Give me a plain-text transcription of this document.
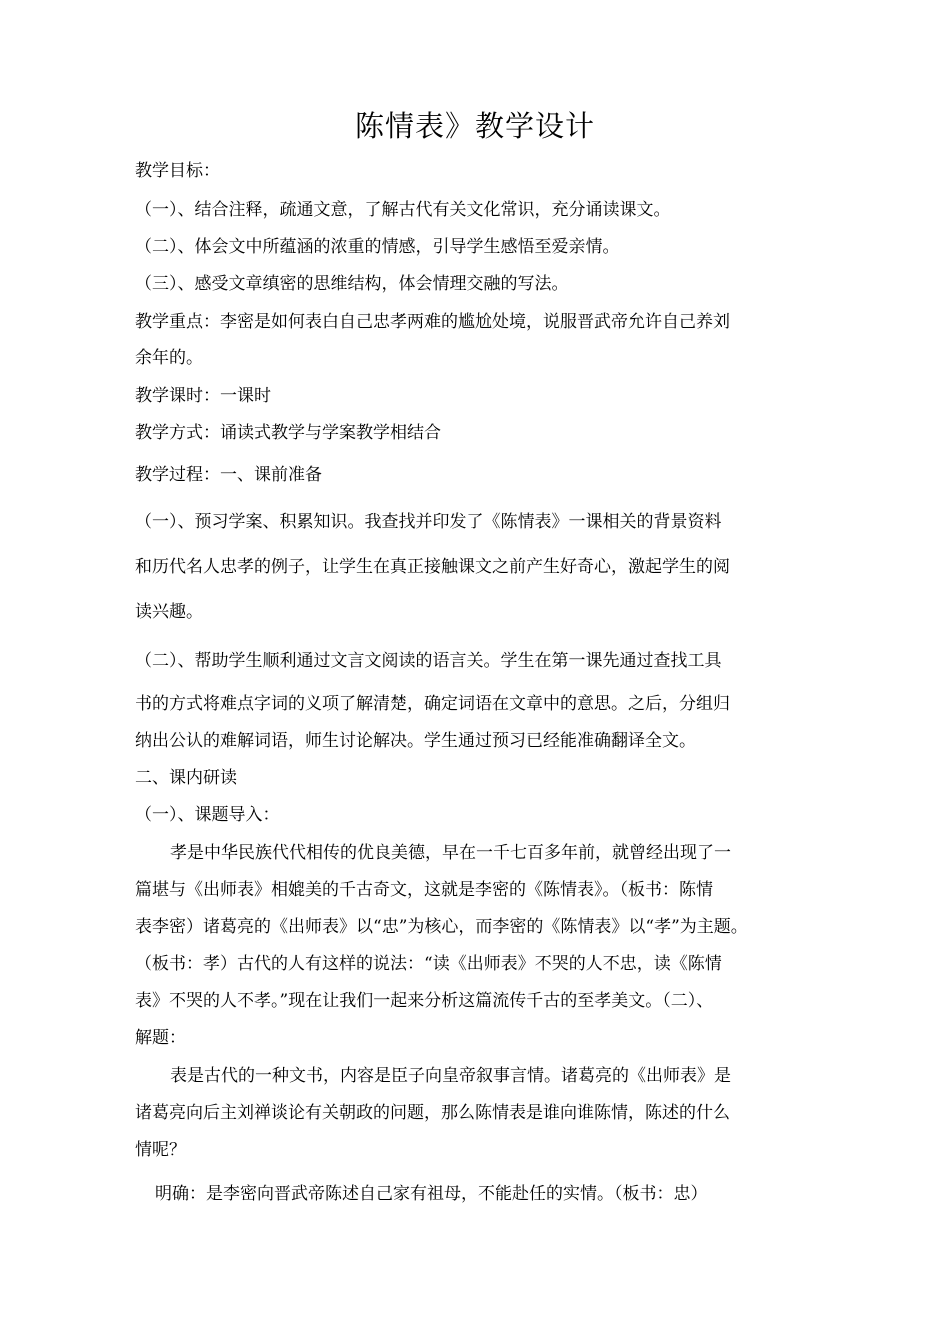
陈情表》教学设计
教学目标：
（一）、结合注释，疏通文意，了解古代有关文化常识，充分诵读课文。
（二）、体会文中所蕴涵的浓重的情感，引导学生感悟至爱亲情。
（三）、感受文章缜密的思维结构，体会情理交融的写法。
教学重点：李密是如何表白自己忠孝两难的尴尬处境，说服晋武帝允许自己养刘
余年的。
教学课时：一课时
教学方式：诵读式教学与学案教学相结合
教学过程：一、课前准备
（一）、预习学案、积累知识。我查找并印发了《陈情表》一课相关的背景资料
和历代名人忠孝的例子，让学生在真正接触课文之前产生好奇心，激起学生的阅
读兴趣。
（二）、帮助学生顺利通过文言文阅读的语言关。学生在第一课先通过查找工具
书的方式将难点字词的义项了解清楚，确定词语在文章中的意思。之后，分组归
纳出公认的难解词语，师生讨论解决。学生通过预习已经能准确翻译全文。
二、课内研读
（一）、课题导入：
孝是中华民族代代相传的优良美德，早在一千七百多年前，就曾经出现了一
篇堪与《出师表》相媲美的千古奇文，这就是李密的《陈情表》。（板书：陈情
表李密）诸葛亮的《出师表》以“忠”为核心，而李密的《陈情表》以“孝”为主题。
（板书：孝）古代的人有这样的说法：“读《出师表》不哭的人不忠，读《陈情
表》不哭的人不孝。”现在让我们一起来分析这篇流传千古的至孝美文。（二）、
解题：
表是古代的一种文书，内容是臣子向皇帝叙事言情。诸葛亮的《出师表》是
诸葛亮向后主刘禅谈论有关朝政的问题，那么陈情表是谁向谁陈情，陈述的什么
情呢？
明确：是李密向晋武帝陈述自己家有祖母，不能赴任的实情。（板书：忠）
